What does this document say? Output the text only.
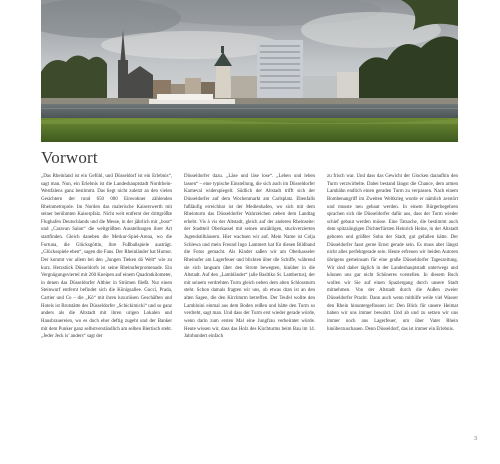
Vorwort

„Das Rheinland ist ein Gefühl, und Düsseldorf ist ein Erlebnis“, sagt man. Nun, ein Erlebnis ist die Landeshauptstadt Nordrhein-Westfalens ganz bestimmt. Das liegt nicht zuletzt an den vielen Gesichtern der rund 650 000 Einwohner zählenden Rheinmetropole. Im Norden das malerische Kaiserswerth mit seiner berühmten Kaiserpfalz. Nicht weit entfernt der drittgrößte Flughafen Deutschlands und die Messe, in der jährlich mit „boot“ und „Caravan Salon“ die weltgrößten Ausstellungen ihrer Art stattfinden. Gleich daneben die Merkur-Spiel-Arena, wo die Fortuna, die Glücksgöttin, ihre Fußballspiele austrägt. „Glücksspiele eben“, sagen die Fans. Der Rheinländer hat Humor. Der kommt vor allem bei den „Jungen Tieken dö Welt“ wie zu kurz. Herzstück Düsseldorfs ist seine Rheinuferpromenade. Ein Vergnügungsviertel mit 260 Kneipen auf einem Quadratkilometer, in denen das Düsseldorfer Altbier in Strömen fließt. Nur einen Steinwurf entfernt befindet sich die Königsallee. Gucci, Prada, Cartier und Co – die „Kö“ mit ihren luxuriösen Geschäften und Hotels ist Brutstätte des Düsseldorfer „Schickimicki“ und so ganz anders als die Altstadt mit ihren urigen Lokalen und Hausbrauereien, wo es doch eher deftig zugeht und der Banker mit dem Punker ganz selbstverständlich am selben Biertisch steht. „Jeder Jeck is’ anders“ sagt der

Düsseldorfer dazu. „Läse und läse lose“. „Leben und leben lassen“ – eine typische Einstellung, die sich auch im Düsseldorfer Karneval widerspiegelt. Südlich der Altstadt trifft sich der Düsseldorfer auf dem Wochenmarkt am Carlsplatz. Ebenfalls fußläufig erreichbar ist der Medienhafen, wo sich mit dem Rheinturm das Düsseldorfer Wahrzeichen neben dem Landtag erhebt. Vis à vis der Altstadt, gleich auf der anderen Rheinseite: der Stadtteil Oberkassel mit seinen unzähligen, stuckverzierten Jugendstilhäusern. Hier wachsen wir auf. Mein Name ist Colja Schlewa und mein Freund Ingo Lammert hat für diesen Bildband die Fotos gemacht. Als Kinder saßen wir am Oberkasseler Rheinufer am Lagerfeuer und blickten über die Schiffe, während sie sich langsam über den Strom bewegten, hinüber in die Altstadt. Auf den „Lambländer“ (alle Basltiko St. Lambertus), der mit seinem verdrehten Turm gleich neben dem alten Schlossturm steht. Schon damals fragten wir uns, ob etwas dran ist an den alten Sagen, die den Kirchturm betreffen. Der Teufel wollte den Lambloini einmal aus dem Boden reißen und hätte den Turm so verdreht, sagt man. Und dass der Turm erst wieder gerade würde, wenn darin zum ersten Mal eine Jungfrau verheiratet würde. Heute wissen wir, dass das Holz des Kirchturms beim Bau im 14. Jahrhundert einfach

zu frisch war. Und dass das Gewicht der Glocken daraufhin den Turm verzwirbelte. Dabei bestand längst die Chance, dem armen Lambähn endlich einen geraden Turm zu verpassen. Nach einem Bombenangriff im Zweiten Weltkrieg wurde er nämlich zerstört und musste neu gebaut werden. In einem Bürgerbegehren sprachen sich die Düsseldorfer dafür aus, dass der Turm wieder schief gebaut werden müsse. Eine Tatsache, die bestimmt auch dem spitzzüngigen Dichterfürsten Heinrich Heine, in der Altstadt geboren und größter Sohn der Stadt, gut gefallen hätte. Der Düsseldorfer fasst gerne Ernst gerade sein. Es muss aber längst nicht alles perfektgerade sein. Heute erfreuen wir beiden Autoren übrigens gemeinsam für eine große Düsseldorfer Tageszeitung. Wir sind daher täglich in der Landeshauptstadt unterwegs und können uns gar nicht Schöneres vorstellen. In diesem Buch wollen wir Sie auf einen Spaziergang durch unsere Stadt mitnehmen. Von der Altstadt durch die Außen zweier Düsseldorfer Pracht. Dann auch wenn mithilfe weile viel Wasser den Rhein hinuntergeflossen ist: Den Blick für unsere Heimat haben wir uns immer bewahrt. Und ab und zu setzen wir uns immer noch ans Lagerfeuer, um über Vater Rhein hinüberzuschauen. Denn Düsseldorf, das ist immer ein Erlebnis.

3
